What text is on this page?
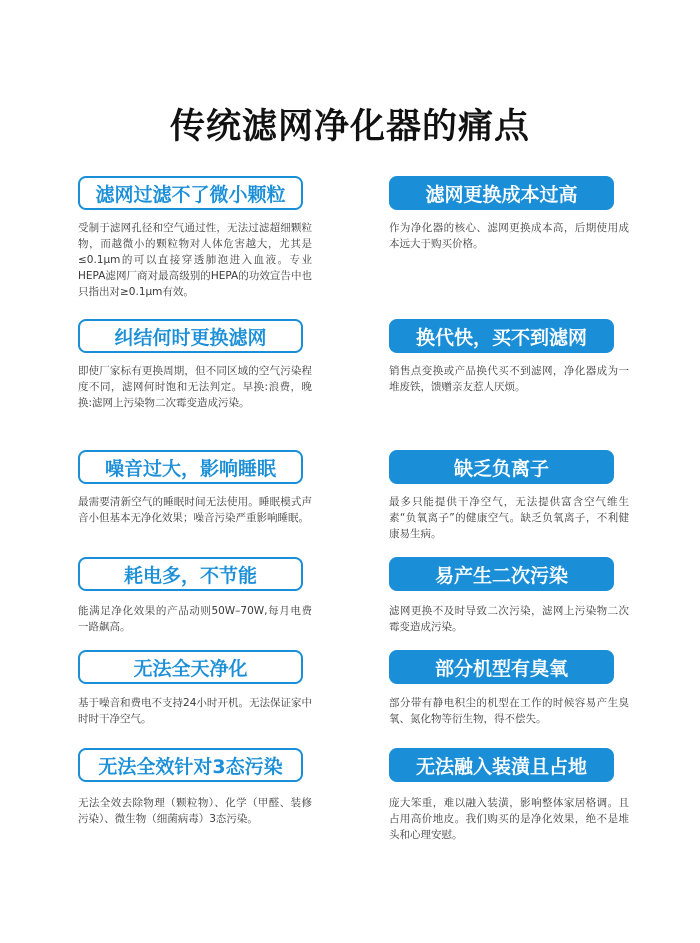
传统滤网净化器的痛点
滤网过滤不了微小颗粒
受制于滤网孔径和空气通过性，无法过滤超细颗粒物，而越微小的颗粒物对人体危害越大，尤其是≤0.1μm的可以直接穿透肺泡进入血液。专业HEPA滤网厂商对最高级别的HEPA的功效宣告中也只指出对≥0.1μm有效。
纠结何时更换滤网
即使厂家标有更换周期，但不同区域的空气污染程度不同，滤网何时饱和无法判定。早换:浪费，晚换:滤网上污染物二次霉变造成污染。
噪音过大，影响睡眠
最需要清新空气的睡眠时间无法使用。睡眠模式声音小但基本无净化效果；噪音污染严重影响睡眠。
耗电多，不节能
能满足净化效果的产品动则50W–70W,每月电费一路飙高。
无法全天净化
基于噪音和费电不支持24小时开机。无法保证家中时时干净空气。
无法全效针对3态污染
无法全效去除物理（颗粒物）、化学（甲醛、装修污染）、微生物（细菌病毒）3态污染。
滤网更换成本过高
作为净化器的核心、滤网更换成本高，后期使用成本远大于购买价格。
换代快，买不到滤网
销售点变换或产品换代买不到滤网，净化器成为一堆废铁，馈赠亲友惹人厌烦。
缺乏负离子
最多只能提供干净空气，无法提供富含空气维生素“负氧离子”的健康空气。缺乏负氧离子，不利健康易生病。
易产生二次污染
滤网更换不及时导致二次污染，滤网上污染物二次霉变造成污染。
部分机型有臭氧
部分带有静电积尘的机型在工作的时候容易产生臭氧、氮化物等衍生物，得不偿失。
无法融入装潢且占地
庞大笨重，难以融入装潢，影响整体家居格调。且占用高价地皮。我们购买的是净化效果，绝不是堆头和心理安慰。
